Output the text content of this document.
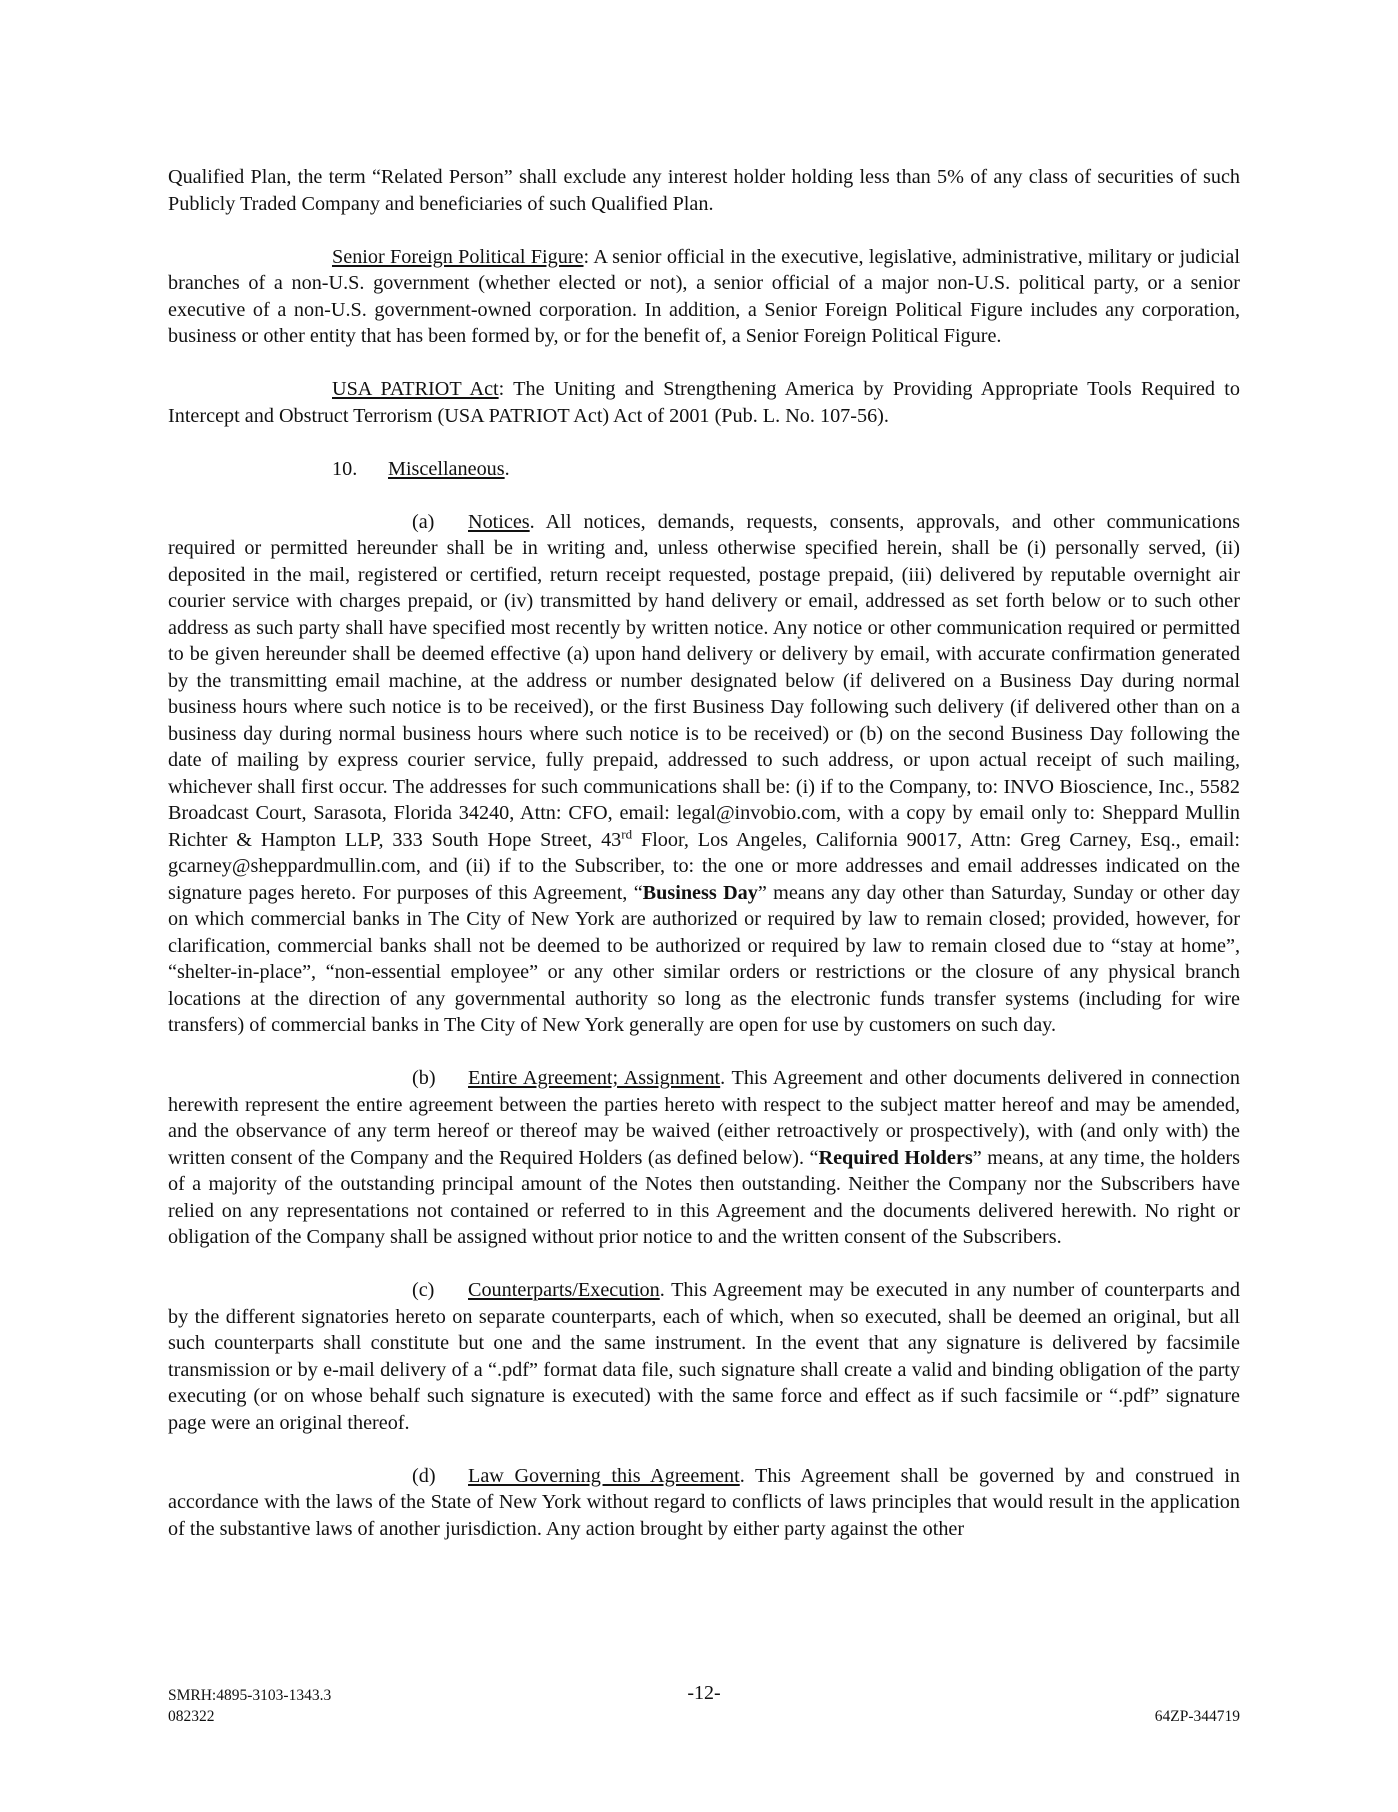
Qualified Plan, the term “Related Person” shall exclude any interest holder holding less than 5% of any class of securities of such Publicly Traded Company and beneficiaries of such Qualified Plan.

Senior Foreign Political Figure: A senior official in the executive, legislative, administrative, military or judicial branches of a non-U.S. government (whether elected or not), a senior official of a major non-U.S. political party, or a senior executive of a non-U.S. government-owned corporation. In addition, a Senior Foreign Political Figure includes any corporation, business or other entity that has been formed by, or for the benefit of, a Senior Foreign Political Figure.

USA PATRIOT Act: The Uniting and Strengthening America by Providing Appropriate Tools Required to Intercept and Obstruct Terrorism (USA PATRIOT Act) Act of 2001 (Pub. L. No. 107-56).

10. Miscellaneous.

(a) Notices. All notices, demands, requests, consents, approvals, and other communications required or permitted hereunder shall be in writing and, unless otherwise specified herein, shall be (i) personally served, (ii) deposited in the mail, registered or certified, return receipt requested, postage prepaid, (iii) delivered by reputable overnight air courier service with charges prepaid, or (iv) transmitted by hand delivery or email, addressed as set forth below or to such other address as such party shall have specified most recently by written notice. Any notice or other communication required or permitted to be given hereunder shall be deemed effective (a) upon hand delivery or delivery by email, with accurate confirmation generated by the transmitting email machine, at the address or number designated below (if delivered on a Business Day during normal business hours where such notice is to be received), or the first Business Day following such delivery (if delivered other than on a business day during normal business hours where such notice is to be received) or (b) on the second Business Day following the date of mailing by express courier service, fully prepaid, addressed to such address, or upon actual receipt of such mailing, whichever shall first occur. The addresses for such communications shall be: (i) if to the Company, to: INVO Bioscience, Inc., 5582 Broadcast Court, Sarasota, Florida 34240, Attn: CFO, email: legal@invobio.com, with a copy by email only to: Sheppard Mullin Richter & Hampton LLP, 333 South Hope Street, 43rd Floor, Los Angeles, California 90017, Attn: Greg Carney, Esq., email: gcarney@sheppardmullin.com, and (ii) if to the Subscriber, to: the one or more addresses and email addresses indicated on the signature pages hereto. For purposes of this Agreement, “Business Day” means any day other than Saturday, Sunday or other day on which commercial banks in The City of New York are authorized or required by law to remain closed; provided, however, for clarification, commercial banks shall not be deemed to be authorized or required by law to remain closed due to “stay at home”, “shelter-in-place”, “non-essential employee” or any other similar orders or restrictions or the closure of any physical branch locations at the direction of any governmental authority so long as the electronic funds transfer systems (including for wire transfers) of commercial banks in The City of New York generally are open for use by customers on such day.

(b) Entire Agreement; Assignment. This Agreement and other documents delivered in connection herewith represent the entire agreement between the parties hereto with respect to the subject matter hereof and may be amended, and the observance of any term hereof or thereof may be waived (either retroactively or prospectively), with (and only with) the written consent of the Company and the Required Holders (as defined below). “Required Holders” means, at any time, the holders of a majority of the outstanding principal amount of the Notes then outstanding. Neither the Company nor the Subscribers have relied on any representations not contained or referred to in this Agreement and the documents delivered herewith. No right or obligation of the Company shall be assigned without prior notice to and the written consent of the Subscribers.

(c) Counterparts/Execution. This Agreement may be executed in any number of counterparts and by the different signatories hereto on separate counterparts, each of which, when so executed, shall be deemed an original, but all such counterparts shall constitute but one and the same instrument. In the event that any signature is delivered by facsimile transmission or by e-mail delivery of a “.pdf” format data file, such signature shall create a valid and binding obligation of the party executing (or on whose behalf such signature is executed) with the same force and effect as if such facsimile or “.pdf” signature page were an original thereof.

(d) Law Governing this Agreement. This Agreement shall be governed by and construed in accordance with the laws of the State of New York without regard to conflicts of laws principles that would result in the application of the substantive laws of another jurisdiction. Any action brought by either party against the other

SMRH:4895-3103-1343.3
082322
-12-
64ZP-344719
